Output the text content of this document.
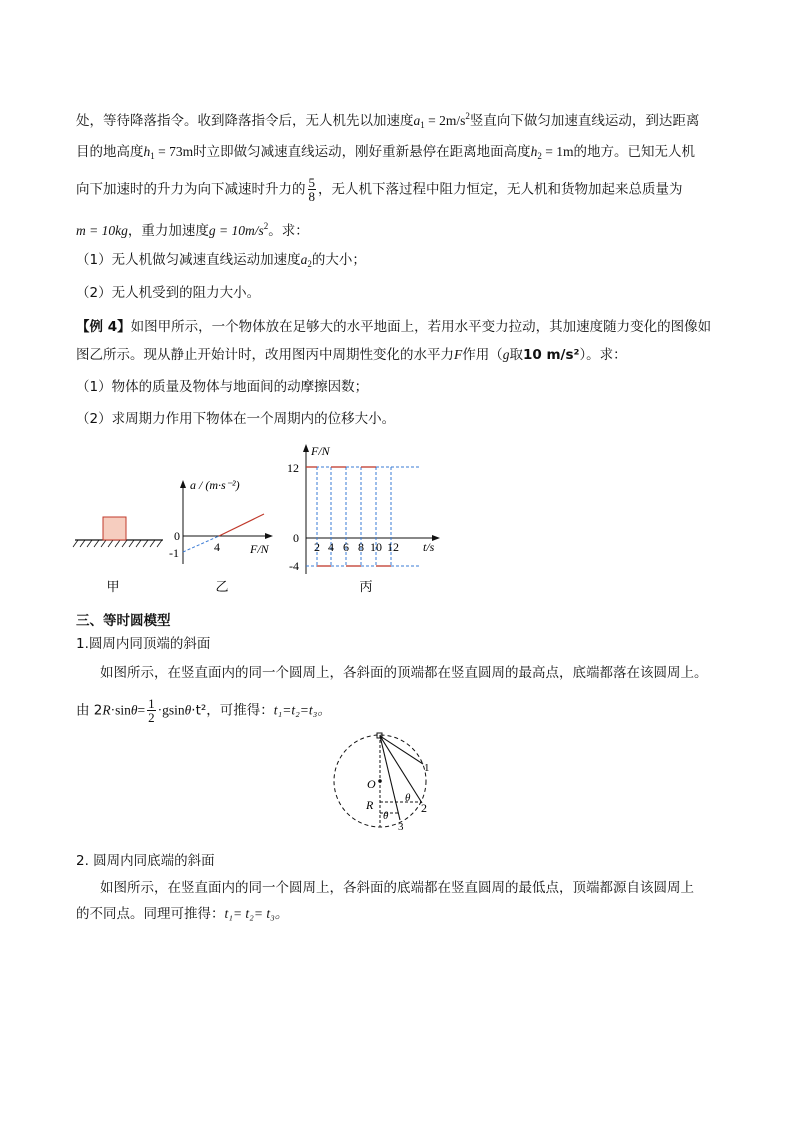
处，等待降落指令。收到降落指令后，无人机先以加速度$a_1 = 2m/s^2$竖直向下做匀加速直线运动，到达距离
目的地高度$h_1 = 73m$时立即做匀减速直线运动，刚好重新悬停在距离地面高度$h_2 = 1m$的地方。已知无人机
向下加速时的升力为向下减速时升力的 $\frac{5}{8}$ ，无人机下落过程中阻力恒定，无人机和货物加起来总质量为
m = 10kg，重力加速度$g = 10m/s^2$。求：
（1）无人机做匀减速直线运动加速度$a_2$的大小；
（2）无人机受到的阻力大小。
【例 4】如图甲所示，一个物体放在足够大的水平地面上，若用水平变力拉动，其加速度随力变化的图像如
图乙所示。现从静止开始计时，改用图丙中周期性变化的水平力F作用（g取10 m/s²）。求：
（1）物体的质量及物体与地面间的动摩擦因数；
（2）求周期力作用下物体在一个周期内的位移大小。
甲
a / (m·s⁻²)
F/N
0
-1	4
乙
F/N
t/s
12
0
-4
2 4 6 8 10 12
丙
三、等时圆模型
1.圆周内同顶端的斜面
如图所示，在竖直面内的同一个圆周上，各斜面的顶端都在竖直圆周的最高点，底端都落在该圆周上。
由 $2R\cdot\sin\theta= \frac{1}{2} \cdot gsin\theta\cdot t^2$，可推得：t₁=t₂=t₃。
O
R	θ
θ
1
2
3
2. 圆周内同底端的斜面
如图所示，在竖直面内的同一个圆周上，各斜面的底端都在竖直圆周的最低点，顶端都源自该圆周上
的不同点。同理可推得：t₁= t₂= t₃。
